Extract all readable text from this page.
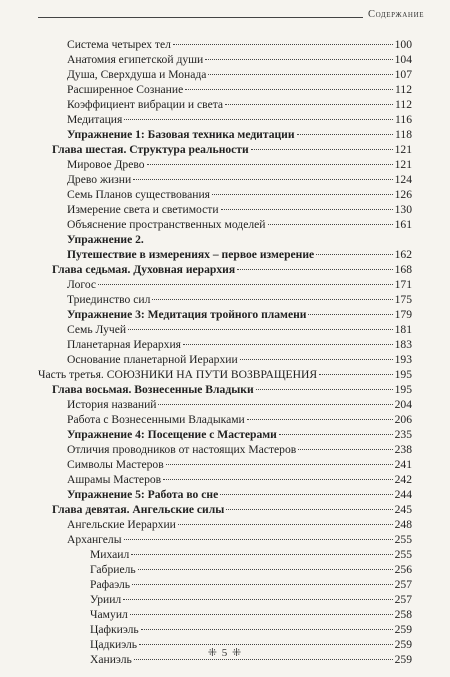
Содержание
Система четырех тел	100
Анатомия египетской души	104
Душа, Сверхдуша и Монада	107
Расширенное Сознание	112
Коэффициент вибрации и света	112
Медитация	116
Упражнение 1: Базовая техника медитации	118
Глава шестая. Структура реальности	121
Мировое Древо	121
Древо жизни	124
Семь Планов существования	126
Измерение света и светимости	130
Объяснение пространственных моделей	161
Упражнение 2.
Путешествие в измерениях – первое измерение	162
Глава седьмая. Духовная иерархия	168
Логос	171
Триединство сил	175
Упражнение 3: Медитация тройного пламени	179
Семь Лучей	181
Планетарная Иерархия	183
Основание планетарной Иерархии	193
Часть третья. СОЮЗНИКИ НА ПУТИ ВОЗВРАЩЕНИЯ	195
Глава восьмая. Вознесенные Владыки	195
История названий	204
Работа с Вознесенными Владыками	206
Упражнение 4: Посещение с Мастерами	235
Отличия проводников от настоящих Мастеров	238
Символы Мастеров	241
Ашрамы Мастеров	242
Упражнение 5: Работа во сне	244
Глава девятая. Ангельские силы	245
Ангельские Иерархии	248
Архангелы	255
Михаил	255
Габриель	256
Рафаэль	257
Уриил	257
Чамуил	258
Цафкиэль	259
Цадкиэль	259
Ханиэль	259
⁜ 5 ⁜
